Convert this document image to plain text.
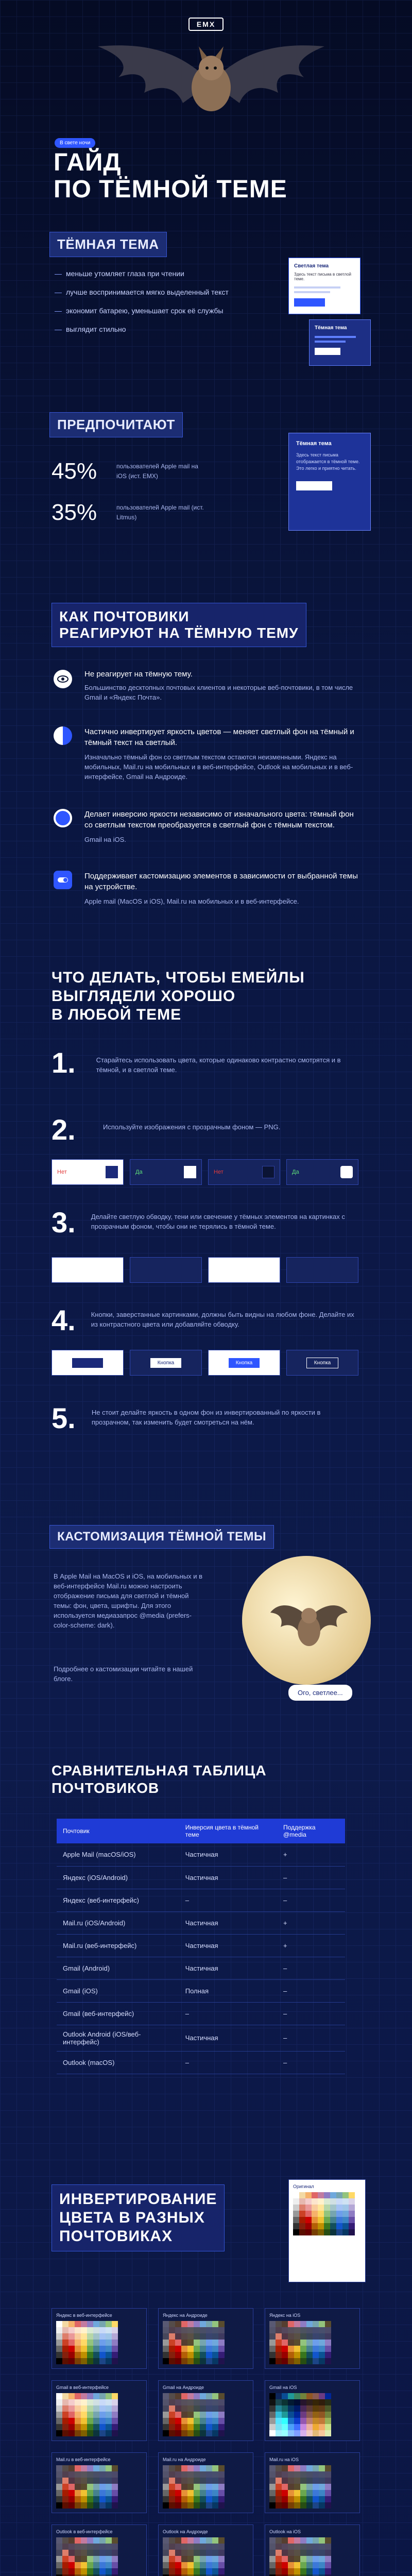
EMX
В свете ночи
ГАЙД
ПО ТЁМНОЙ ТЕМЕ
ТЁМНАЯ ТЕМА
— меньше утомляет глаза при чтении
— лучше воспринимается мягко выделенный текст
— экономит батарею, уменьшает срок её службы
— выглядит стильно
Светлая тема
Здесь текст письма в светлой теме.
Тёмная тема
ПРЕДПОЧИТАЮТ
45%	пользователей Apple mail на iOS (ист. EMX)
35%	пользователей Apple mail (ист. Litmus)
Тёмная тема
Здесь текст письма отображается в тёмной теме. Это легко и приятно читать.
КАК ПОЧТОВИКИ
РЕАГИРУЮТ НА ТЁМНУЮ ТЕМУ
Не реагирует на тёмную тему.
Большинство десктопных почтовых клиентов и некоторые веб-почтовики, в том числе Gmail и «Яндекс Почта».
Частично инвертирует яркость цветов — меняет светлый фон на тёмный и тёмный текст на светлый.
Изначально тёмный фон со светлым текстом остаются неизменными. Яндекс на мобильных, Mail.ru на мобильных и в веб-интерфейсе, Outlook на мобильных и в веб-интерфейсе, Gmail на Андроиде.
Делает инверсию яркости независимо от изначального цвета: тёмный фон со светлым текстом преобразуется в светлый фон с тёмным текстом.
Gmail на iOS.
Поддерживает кастомизацию элементов в зависимости от выбранной темы на устройстве.
Apple mail (MacOS и iOS), Mail.ru на мобильных и в веб-интерфейсе.
ЧТО ДЕЛАТЬ, ЧТОБЫ ЕМЕЙЛЫ
ВЫГЛЯДЕЛИ ХОРОШО
В ЛЮБОЙ ТЕМЕ
1.	Старайтесь использовать цвета, которые одинаково контрастно смотрятся и в тёмной, и в светлой теме.
2.	Используйте изображения с прозрачным фоном — PNG.
Нет	Да	Нет	Да
3. Делайте светлую обводку, тени или свечение у тёмных элементов на картинках с прозрачным фоном, чтобы они не терялись в тёмной теме.
4. Кнопки, заверстанные картинками, должны быть видны на любом фоне. Делайте их из контрастного цвета или добавляйте обводку.
Кнопка	Кнопка	Кнопка	Кнопка
5. Не стоит делайте яркость в одном фон из инвертированный по яркости в прозрачном, так изменить будет смотреться на нём.
КАСТОМИЗАЦИЯ ТЁМНОЙ ТЕМЫ
В Apple Mail на MacOS и iOS, на мобильных и в веб-интерфейсе Mail.ru можно настроить отображение письма для светлой и тёмной темы: фон, цвета, шрифты. Для этого используется медиазапрос @media (prefers-color-scheme: dark).
Подробнее о кастомизации читайте в нашей блоге.
Ого, светлее...
СРАВНИТЕЛЬНАЯ ТАБЛИЦА
ПОЧТОВИКОВ
Почтовик	Инверсия цвета в тёмной теме	Поддержка @media
Apple Mail (macOS/iOS)	Частичная	+
Яндекс (iOS/Android)	Частичная	–
Яндекс (веб-интерфейс)	–	–
Mail.ru (iOS/Android)	Частичная	+
Mail.ru (веб-интерфейс)	Частичная	+
Gmail (Android)	Частичная	–
Gmail (iOS)	Полная	–
Gmail (веб-интерфейс)	–	–
Outlook Android (iOS/веб-интерфейс)	Частичная	–
Outlook (macOS)	–	–
ИНВЕРТИРОВАНИЕ
ЦВЕТА В РАЗНЫХ
ПОЧТОВИКАХ
Оригинал
Яндекс в веб-интерфейсе	Яндекс на Андроиде	Яндекс на iOS
Gmail в веб-интерфейсе	Gmail на Андроиде	Gmail на iOS
Mail.ru в веб-интерфейсе	Mail.ru на Андроиде	Mail.ru на iOS
Outlook в веб-интерфейсе	Outlook на Андроиде	Outlook на iOS
